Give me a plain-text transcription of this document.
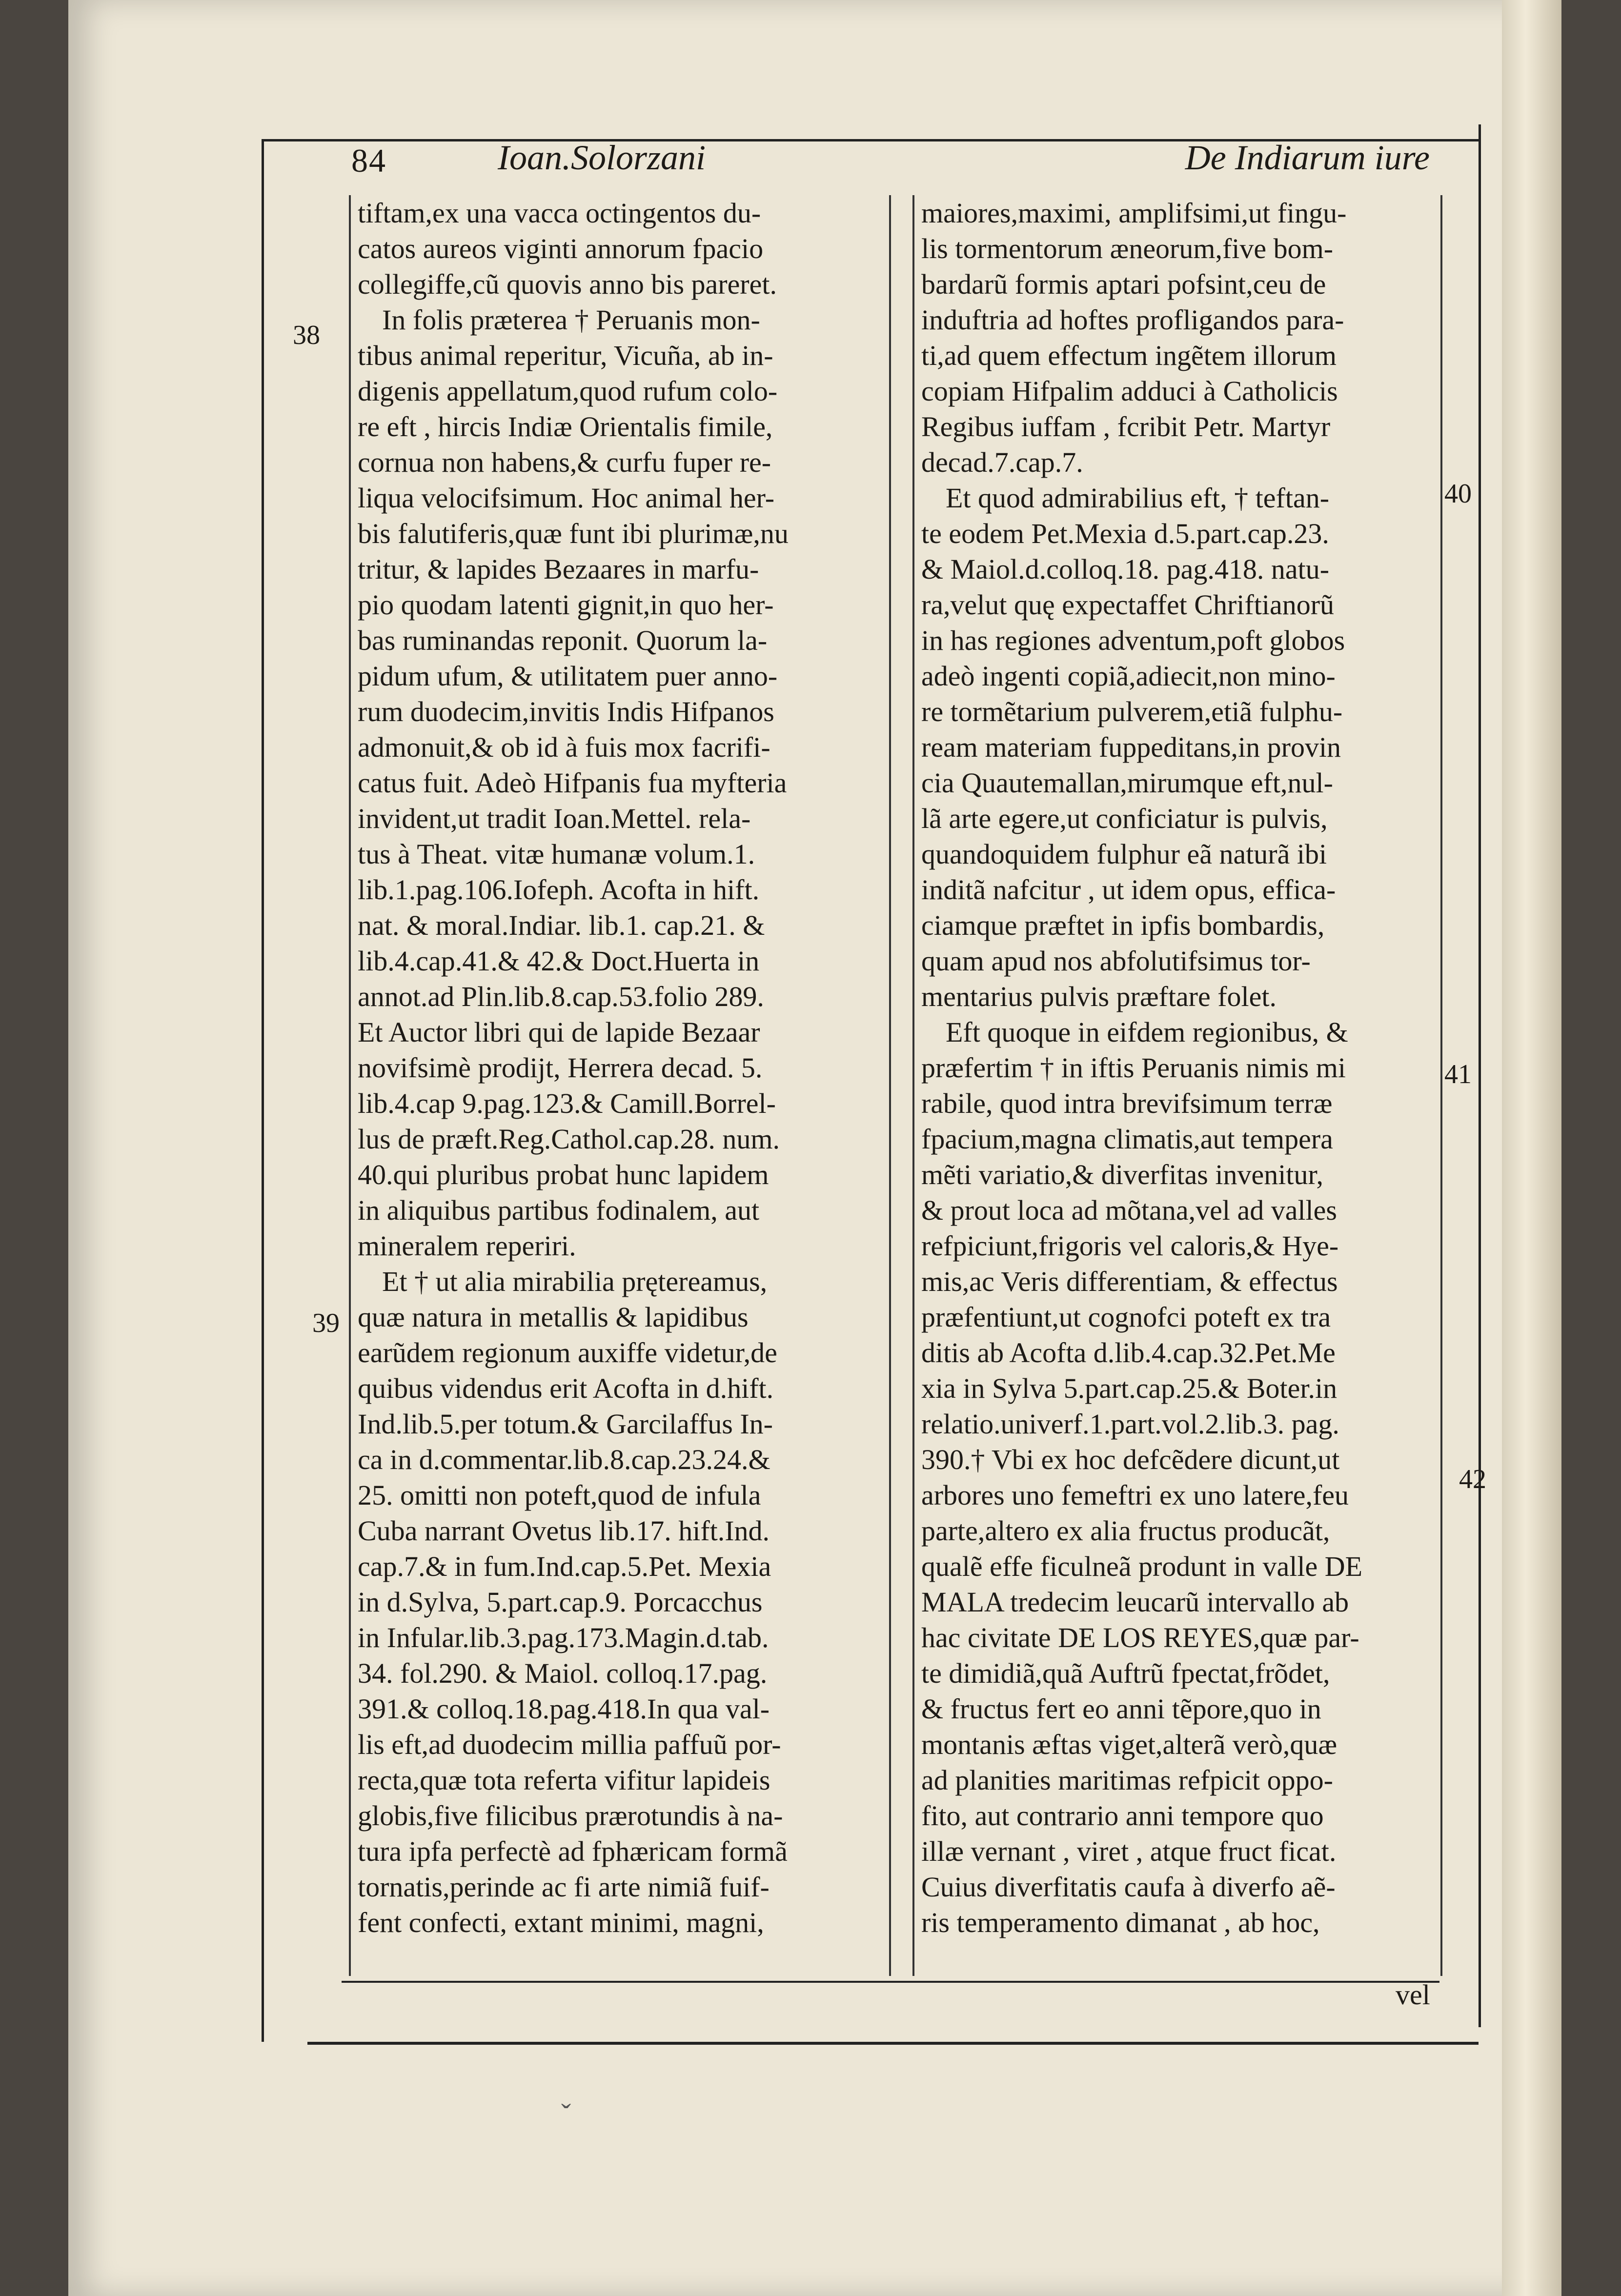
84	Ioan.Solorzani	De Indiarum iure

tiftam,ex una vacca octingentos du-

catos aureos viginti annorum fpacio

collegiffe,cũ quovis anno bis pareret.

In folis præterea † Peruanis mon-

tibus animal reperitur, Vicuña, ab in-

digenis appellatum,quod rufum colo-

re eft , hircis Indiæ Orientalis fimile,

cornua non habens,& curfu fuper re-

liqua velocifsimum. Hoc animal her-

bis falutiferis,quæ funt ibi plurimæ,nu

tritur, & lapides Bezaares in marfu-

pio quodam latenti gignit,in quo her-

bas ruminandas reponit. Quorum la-

pidum ufum, & utilitatem puer anno-

rum duodecim,invitis Indis Hifpanos

admonuit,& ob id à fuis mox facrifi-

catus fuit. Adeò Hifpanis fua myfteria

invident,ut tradit Ioan.Mettel. rela-

tus à Theat. vitæ humanæ volum.1.

lib.1.pag.106.Iofeph. Acofta in hift.

nat. & moral.Indiar. lib.1. cap.21. &

lib.4.cap.41.& 42.& Doct.Huerta in

annot.ad Plin.lib.8.cap.53.folio 289.

Et Auctor libri qui de lapide Bezaar

novifsimè prodijt, Herrera decad. 5.

lib.4.cap 9.pag.123.& Camill.Borrel-

lus de præft.Reg.Cathol.cap.28. num.

40.qui pluribus probat hunc lapidem

in aliquibus partibus fodinalem, aut

mineralem reperiri.

Et † ut alia mirabilia prętereamus,

quæ natura in metallis & lapidibus

earũdem regionum auxiffe videtur,de

quibus videndus erit Acofta in d.hift.

Ind.lib.5.per totum.& Garcilaffus In-

ca in d.commentar.lib.8.cap.23.24.&

25. omitti non poteft,quod de infula

Cuba narrant Ovetus lib.17. hift.Ind.

cap.7.& in fum.Ind.cap.5.Pet. Mexia

in d.Sylva, 5.part.cap.9. Porcacchus

in Infular.lib.3.pag.173.Magin.d.tab.

34. fol.290. & Maiol. colloq.17.pag.

391.& colloq.18.pag.418.In qua val-

lis eft,ad duodecim millia paffuũ por-

recta,quæ tota referta vifitur lapideis

globis,five filicibus prærotundis à na-

tura ipfa perfectè ad fphæricam formã

tornatis,perinde ac fi arte nimiã fuif-

fent confecti, extant minimi, magni,

maiores,maximi, amplifsimi,ut fingu-

lis tormentorum æneorum,five bom-

bardarũ formis aptari pofsint,ceu de

induftria ad hoftes profligandos para-

ti,ad quem effectum ingẽtem illorum

copiam Hifpalim adduci à Catholicis

Regibus iuffam , fcribit Petr. Martyr

decad.7.cap.7.

Et quod admirabilius eft, † teftan-

te eodem Pet.Mexia d.5.part.cap.23.

& Maiol.d.colloq.18. pag.418. natu-

ra,velut quę expectaffet Chriftianorũ

in has regiones adventum,poft globos

adeò ingenti copiã,adiecit,non mino-

re tormẽtarium pulverem,etiã fulphu-

ream materiam fuppeditans,in provin

cia Quautemallan,mirumque eft,nul-

lã arte egere,ut conficiatur is pulvis,

quandoquidem fulphur eã naturã ibi

inditã nafcitur , ut idem opus, effica-

ciamque præftet in ipfis bombardis,

quam apud nos abfolutifsimus tor-

mentarius pulvis præftare folet.

Eft quoque in eifdem regionibus, &

præfertim † in iftis Peruanis nimis mi

rabile, quod intra brevifsimum terræ

fpacium,magna climatis,aut tempera

mẽti variatio,& diverfitas invenitur,

& prout loca ad mõtana,vel ad valles

refpiciunt,frigoris vel caloris,& Hye-

mis,ac Veris differentiam, & effectus

præfentiunt,ut cognofci poteft ex tra

ditis ab Acofta d.lib.4.cap.32.Pet.Me

xia in Sylva 5.part.cap.25.& Boter.in

relatio.univerf.1.part.vol.2.lib.3. pag.

390.† Vbi ex hoc defcẽdere dicunt,ut

arbores uno femeftri ex uno latere,feu

parte,altero ex alia fructus producãt,

qualẽ effe ficulneã produnt in valle DE

MALA tredecim leucarũ intervallo ab

hac civitate DE LOS REYES,quæ par-

te dimidiã,quã Auftrũ fpectat,frõdet,

& fructus fert eo anni tẽpore,quo in

montanis æftas viget,alterã verò,quæ

ad planities maritimas refpicit oppo-

fito, aut contrario anni tempore quo

illæ vernant , viret , atque fruct ficat.

Cuius diverfitatis caufa à diverfo aẽ-

ris temperamento dimanat , ab hoc,

38
39
40
41
42
vel
ˇ
